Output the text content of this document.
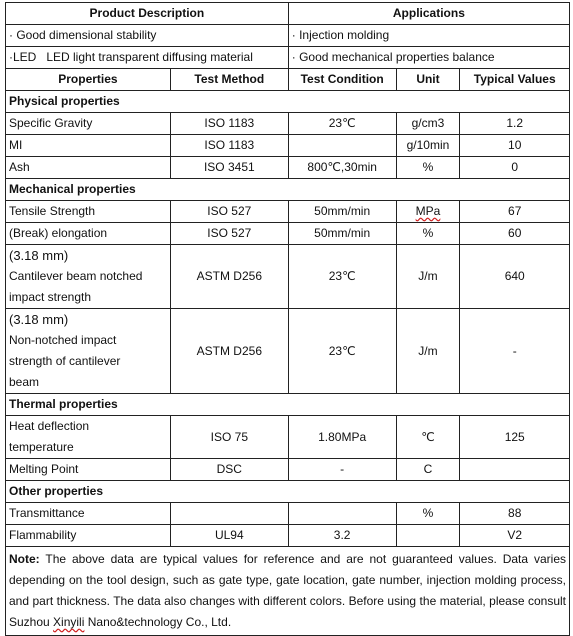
Product Description		Applications		
· Good dimensional stability		· Injection molding		
·LED   LED light transparent diffusing material		· Good mechanical properties balance		
Properties	Test Method	Test Condition	Unit	Typical Values
Physical properties				
Specific Gravity	ISO 1183	23℃	g/cm3	1.2
MI	ISO 1183		g/10min	10
Ash	ISO 3451	800℃,30min	%	0
Mechanical properties				
Tensile Strength	ISO 527	50mm/min	MPa	67
(Break) elongation	ISO 527	50mm/min	%	60

(3.18 mm)
Cantilever beam notched
impact strength	ASTM D256	23℃	J/m	640

(3.18 mm)
Non-notched impact
strength of cantilever
beam	ASTM D256	23℃	J/m	-
Thermal properties				

Heat deflection
temperature	ISO 75	1.80MPa	℃	125
Melting Point	DSC	-	C	
Other properties				
Transmittance			%	88
Flammability	UL94	3.2		V2
Note: The above data are typical values for reference and are not guaranteed values. Data varies depending on the tool design, such as gate type, gate location, gate number, injection molding process, and part thickness. The data also changes with different colors. Before using the material, please consult Suzhou Xinyili Nano&technology Co., Ltd.				
